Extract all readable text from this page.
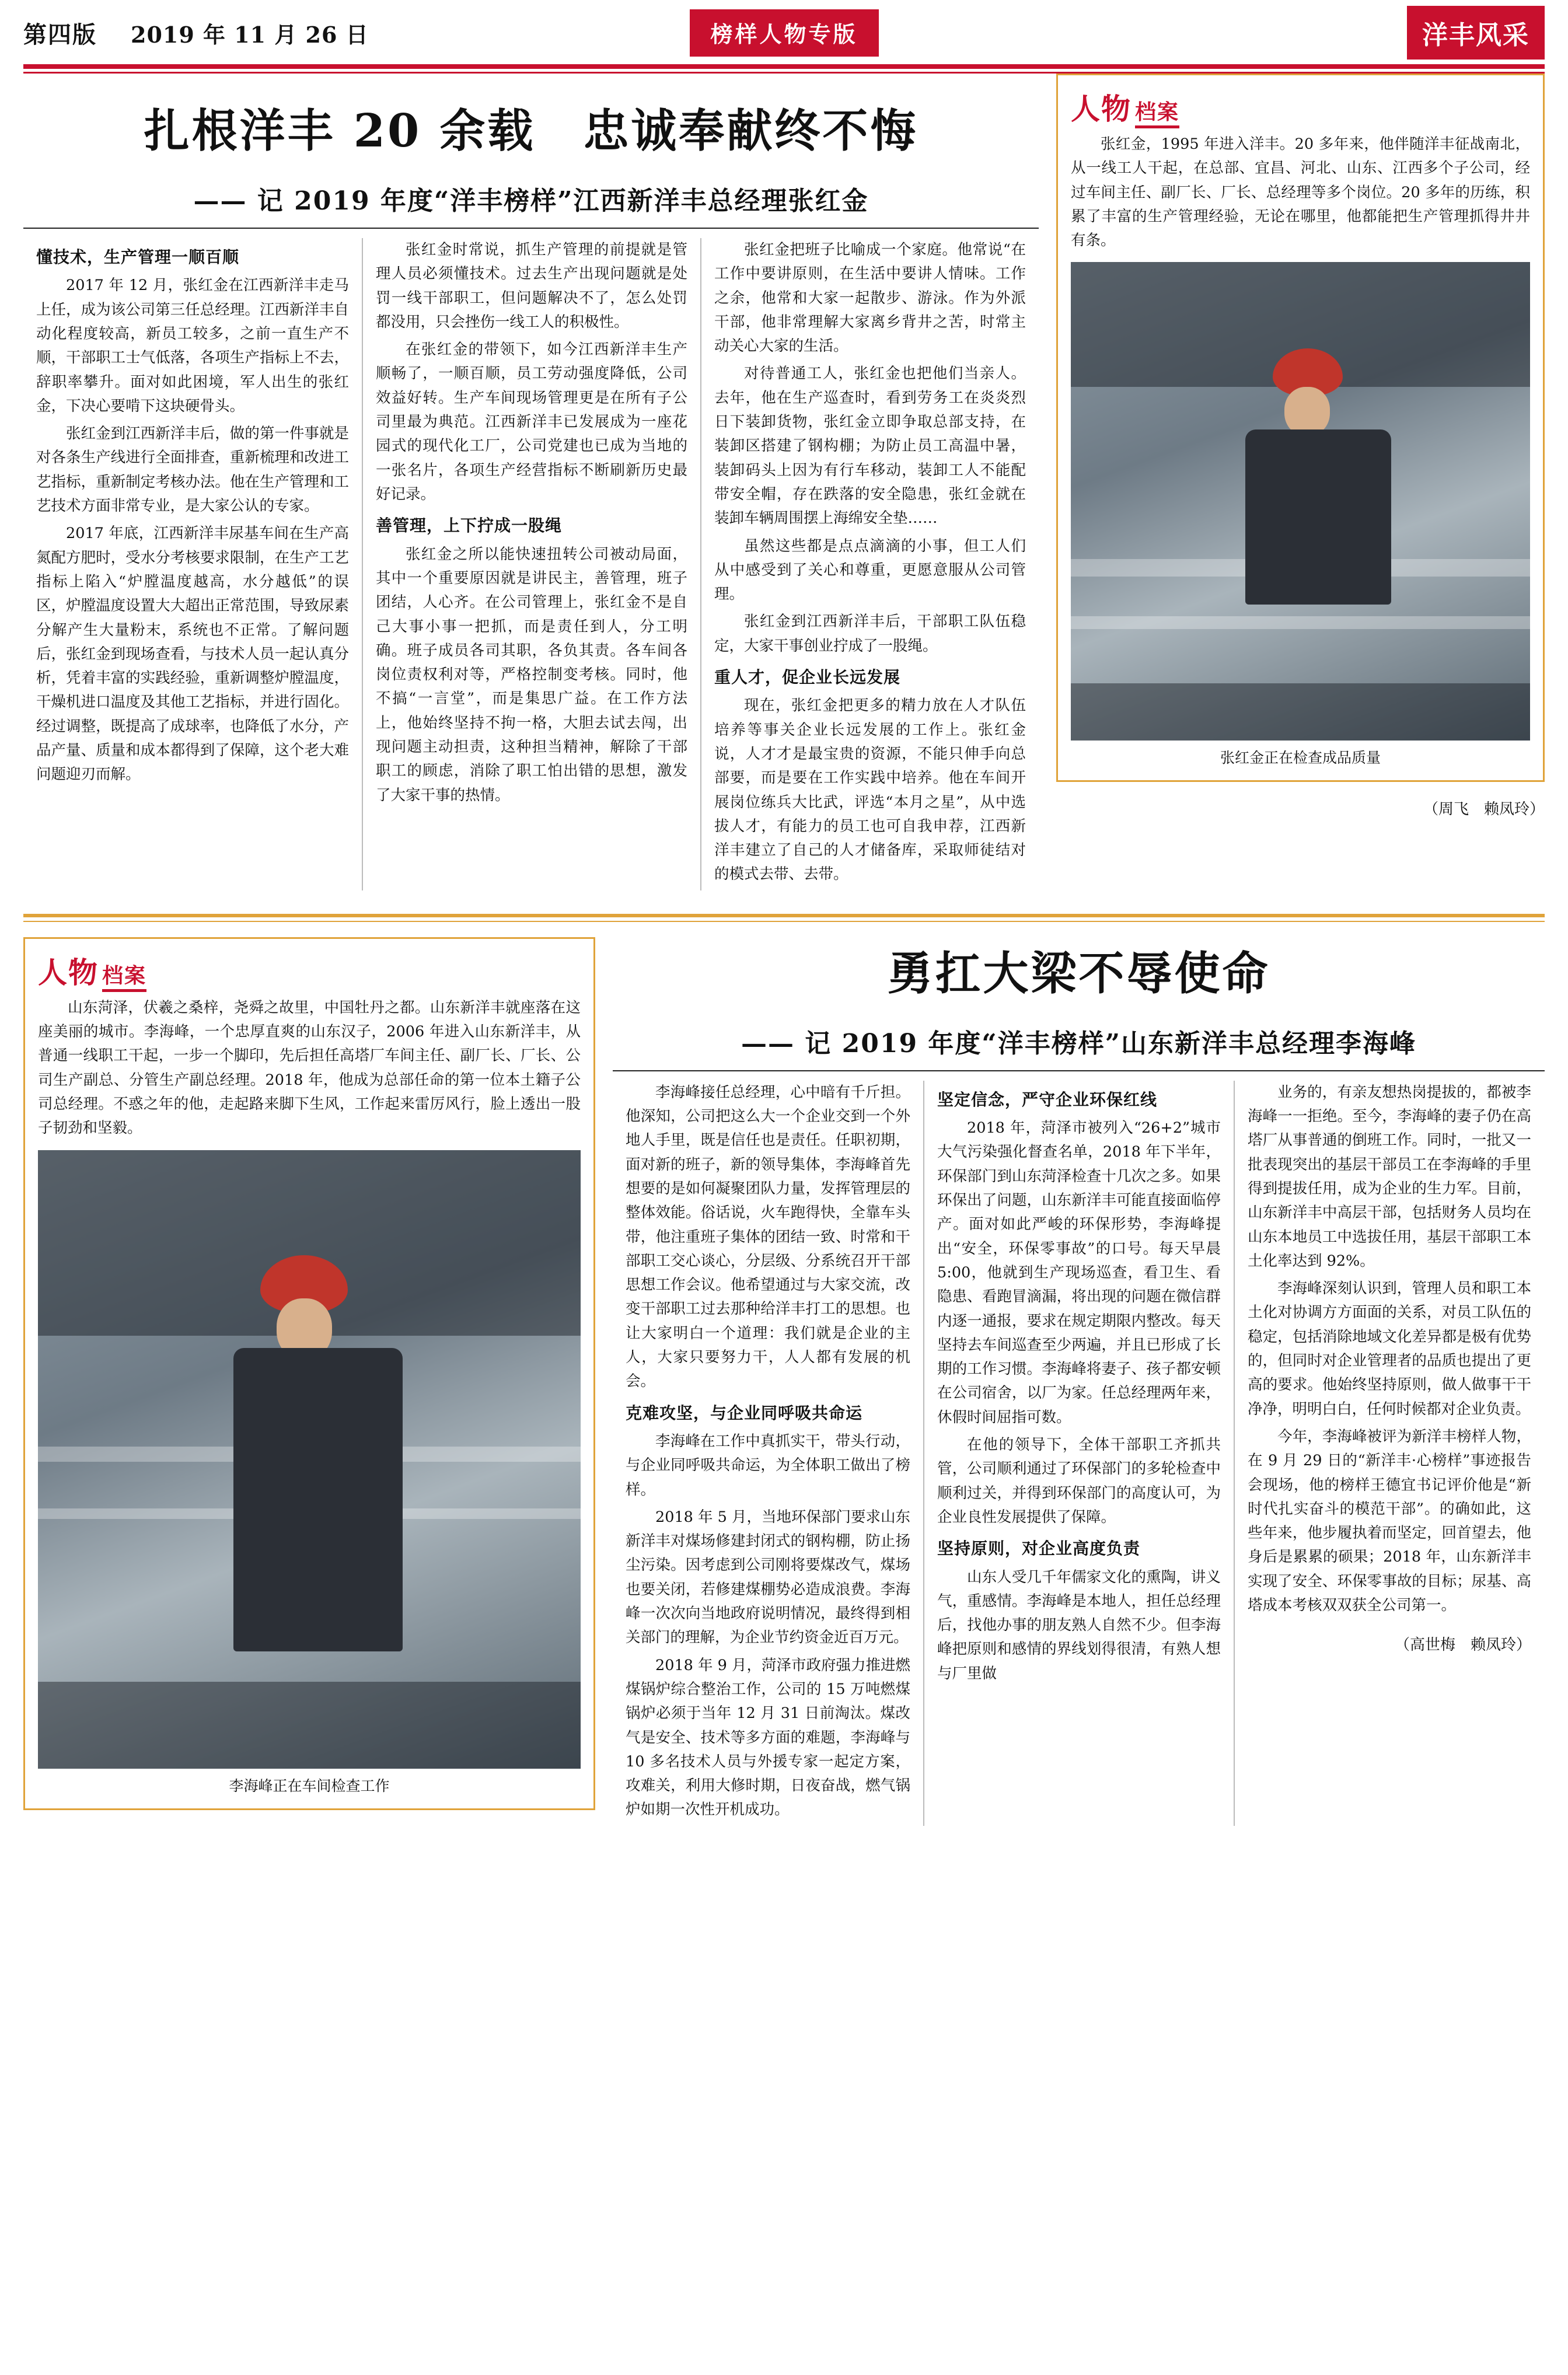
第四版 2019 年 11 月 26 日	榜样人物专版	洋丰风采
扎根洋丰 20 余载　忠诚奉献终不悔
—— 记 2019 年度“洋丰榜样”江西新洋丰总经理张红金
懂技术，生产管理一顺百顺

2017 年 12 月，张红金在江西新洋丰走马上任，成为该公司第三任总经理。江西新洋丰自动化程度较高，新员工较多，之前一直生产不顺，干部职工士气低落，各项生产指标上不去，辞职率攀升。面对如此困境，军人出生的张红金，下决心要啃下这块硬骨头。

张红金到江西新洋丰后，做的第一件事就是对各条生产线进行全面排查，重新梳理和改进工艺指标，重新制定考核办法。他在生产管理和工艺技术方面非常专业，是大家公认的专家。

2017 年底，江西新洋丰尿基车间在生产高氮配方肥时，受水分考核要求限制，在生产工艺指标上陷入“炉膛温度越高，水分越低”的误区，炉膛温度设置大大超出正常范围，导致尿素分解产生大量粉末，系统也不正常。了解问题后，张红金到现场查看，与技术人员一起认真分析，凭着丰富的实践经验，重新调整炉膛温度，干燥机进口温度及其他工艺指标，并进行固化。经过调整，既提高了成球率，也降低了水分，产品产量、质量和成本都得到了保障，这个老大难问题迎刃而解。

张红金时常说，抓生产管理的前提就是管理人员必须懂技术。过去生产出现问题就是处罚一线干部职工，但问题解决不了，怎么处罚都没用，只会挫伤一线工人的积极性。

在张红金的带领下，如今江西新洋丰生产顺畅了，一顺百顺，员工劳动强度降低，公司效益好转。生产车间现场管理更是在所有子公司里最为典范。江西新洋丰已发展成为一座花园式的现代化工厂，公司党建也已成为当地的一张名片，各项生产经营指标不断刷新历史最好记录。

善管理，上下拧成一股绳

张红金之所以能快速扭转公司被动局面，其中一个重要原因就是讲民主，善管理，班子团结，人心齐。在公司管理上，张红金不是自己大事小事一把抓，而是责任到人，分工明确。班子成员各司其职，各负其责。各车间各岗位责权利对等，严格控制变考核。同时，他不搞“一言堂”，而是集思广益。在工作方法上，他始终坚持不拘一格，大胆去试去闯，出现问题主动担责，这种担当精神，解除了干部职工的顾虑，消除了职工怕出错的思想，激发了大家干事的热情。

张红金把班子比喻成一个家庭。他常说“在工作中要讲原则，在生活中要讲人情味。工作之余，他常和大家一起散步、游泳。作为外派干部，他非常理解大家离乡背井之苦，时常主动关心大家的生活。

对待普通工人，张红金也把他们当亲人。去年，他在生产巡查时，看到劳务工在炎炎烈日下装卸货物，张红金立即争取总部支持，在装卸区搭建了钢构棚；为防止员工高温中暑，装卸码头上因为有行车移动，装卸工人不能配带安全帽，存在跌落的安全隐患，张红金就在装卸车辆周围摆上海绵安全垫……

虽然这些都是点点滴滴的小事，但工人们从中感受到了关心和尊重，更愿意服从公司管理。

张红金到江西新洋丰后，干部职工队伍稳定，大家干事创业拧成了一股绳。

重人才，促企业长远发展

现在，张红金把更多的精力放在人才队伍培养等事关企业长远发展的工作上。张红金说，人才才是最宝贵的资源，不能只伸手向总部要，而是要在工作实践中培养。他在车间开展岗位练兵大比武，评选“本月之星”，从中选拔人才，有能力的员工也可自我申荐，江西新洋丰建立了自己的人才储备库，采取师徒结对的模式去带、去带。

人物 档案
张红金，1995 年进入洋丰。20 多年来，他伴随洋丰征战南北，从一线工人干起，在总部、宜昌、河北、山东、江西多个子公司，经过车间主任、副厂长、厂长、总经理等多个岗位。20 多年的历练，积累了丰富的生产管理经验，无论在哪里，他都能把生产管理抓得井井有条。
张红金正在检查成品质量
（周飞　赖凤玲）
人物 档案
山东菏泽，伏羲之桑梓，尧舜之故里，中国牡丹之都。山东新洋丰就座落在这座美丽的城市。李海峰，一个忠厚直爽的山东汉子，2006 年进入山东新洋丰，从普通一线职工干起，一步一个脚印，先后担任高塔厂车间主任、副厂长、厂长、公司生产副总、分管生产副总经理。2018 年，他成为总部任命的第一位本土籍子公司总经理。不惑之年的他，走起路来脚下生风，工作起来雷厉风行，脸上透出一股子韧劲和坚毅。
李海峰正在车间检查工作
勇扛大梁不辱使命
—— 记 2019 年度“洋丰榜样”山东新洋丰总经理李海峰

李海峰接任总经理，心中暗有千斤担。他深知，公司把这么大一个企业交到一个外地人手里，既是信任也是责任。任职初期，面对新的班子，新的领导集体，李海峰首先想要的是如何凝聚团队力量，发挥管理层的整体效能。俗话说，火车跑得快，全靠车头带，他注重班子集体的团结一致、时常和干部职工交心谈心，分层级、分系统召开干部思想工作会议。他希望通过与大家交流，改变干部职工过去那种给洋丰打工的思想。也让大家明白一个道理：我们就是企业的主人，大家只要努力干，人人都有发展的机会。

克难攻坚，与企业同呼吸共命运

李海峰在工作中真抓实干，带头行动，与企业同呼吸共命运，为全体职工做出了榜样。

2018 年 5 月，当地环保部门要求山东新洋丰对煤场修建封闭式的钢构棚，防止扬尘污染。因考虑到公司刚将要煤改气，煤场也要关闭，若修建煤棚势必造成浪费。李海峰一次次向当地政府说明情况，最终得到相关部门的理解，为企业节约资金近百万元。

2018 年 9 月，菏泽市政府强力推进燃煤锅炉综合整治工作，公司的 15 万吨燃煤锅炉必须于当年 12 月 31 日前淘汰。煤改气是安全、技术等多方面的难题，李海峰与 10 多名技术人员与外援专家一起定方案，攻难关，利用大修时期，日夜奋战，燃气锅炉如期一次性开机成功。

坚定信念，严守企业环保红线

2018 年，菏泽市被列入“26+2”城市大气污染强化督查名单，2018 年下半年，环保部门到山东菏泽检查十几次之多。如果环保出了问题，山东新洋丰可能直接面临停产。面对如此严峻的环保形势，李海峰提出“安全，环保零事故”的口号。每天早晨 5:00，他就到生产现场巡查，看卫生、看隐患、看跑冒滴漏，将出现的问题在微信群内逐一通报，要求在规定期限内整改。每天坚持去车间巡查至少两遍，并且已形成了长期的工作习惯。李海峰将妻子、孩子都安顿在公司宿舍，以厂为家。任总经理两年来，休假时间屈指可数。

在他的领导下，全体干部职工齐抓共管，公司顺利通过了环保部门的多轮检查中顺利过关，并得到环保部门的高度认可，为企业良性发展提供了保障。

坚持原则，对企业高度负责

山东人受几千年儒家文化的熏陶，讲义气，重感情。李海峰是本地人，担任总经理后，找他办事的朋友熟人自然不少。但李海峰把原则和感情的界线划得很清，有熟人想与厂里做

业务的，有亲友想热岗提拔的，都被李海峰一一拒绝。至今，李海峰的妻子仍在高塔厂从事普通的倒班工作。同时，一批又一批表现突出的基层干部员工在李海峰的手里得到提拔任用，成为企业的生力军。目前，山东新洋丰中高层干部，包括财务人员均在山东本地员工中选拔任用，基层干部职工本土化率达到 92%。

李海峰深刻认识到，管理人员和职工本土化对协调方方面面的关系，对员工队伍的稳定，包括消除地域文化差异都是极有优势的，但同时对企业管理者的品质也提出了更高的要求。他始终坚持原则，做人做事干干净净，明明白白，任何时候都对企业负责。

今年，李海峰被评为新洋丰榜样人物，在 9 月 29 日的“新洋丰·心榜样”事迹报告会现场，他的榜样王德宜书记评价他是“新时代扎实奋斗的模范干部”。的确如此，这些年来，他步履执着而坚定，回首望去，他身后是累累的硕果；2018 年，山东新洋丰实现了安全、环保零事故的目标；尿基、高塔成本考核双双获全公司第一。

（高世梅　赖凤玲）
